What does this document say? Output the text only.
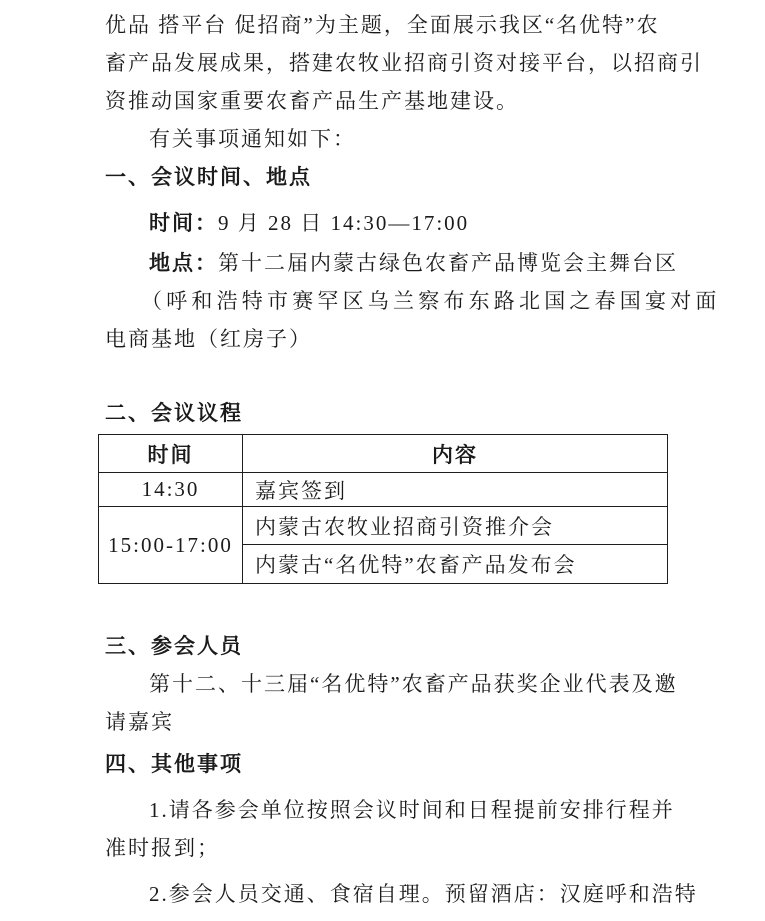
优品 搭平台 促招商”为主题，全面展示我区“名优特”农
畜产品发展成果，搭建农牧业招商引资对接平台，以招商引
资推动国家重要农畜产品生产基地建设。
有关事项通知如下：
一、会议时间、地点
时间：9 月 28 日 14:30—17:00
地点：第十二届内蒙古绿色农畜产品博览会主舞台区
（呼和浩特市赛罕区乌兰察布东路北国之春国宴对面
电商基地（红房子）
二、会议议程
时间	内容
14:30	嘉宾签到
15:00-17:00	内蒙古农牧业招商引资推介会
	内蒙古“名优特”农畜产品发布会
三、参会人员
第十二、十三届“名优特”农畜产品获奖企业代表及邀
请嘉宾
四、其他事项
1.请各参会单位按照会议时间和日程提前安排行程并
准时报到；
2.参会人员交通、食宿自理。预留酒店：汉庭呼和浩特
